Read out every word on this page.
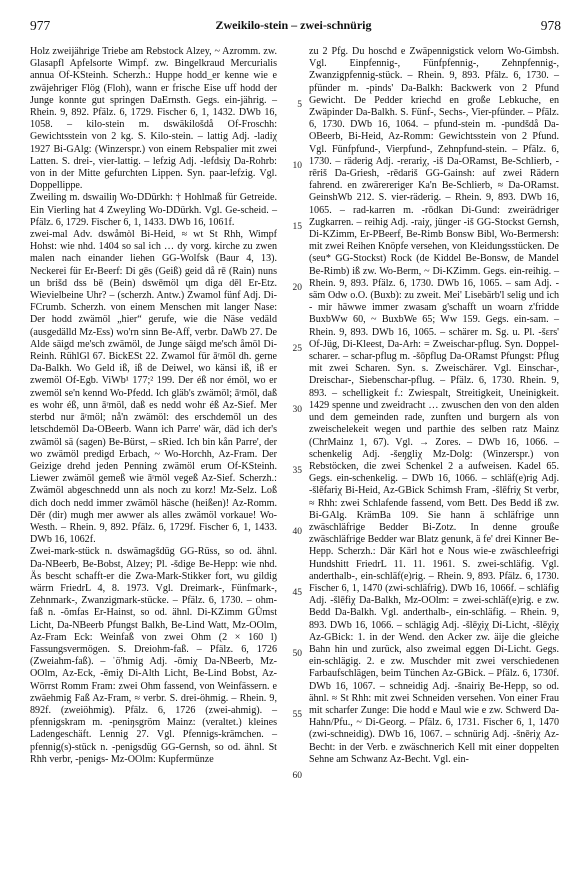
977	Zweikilo-stein – zwei-schnürig	978

Holz zweijährige Triebe am Rebstock Alzey, ~ Azromm. zw. Glasapfl Apfelsorte Wimpf. zw. Bingelkraud Mercurialis annua Of-KSteinh. Scherzh.: Huppe hodd_er kenne wie e zwäjehriger Flög (Floh), wann er frische Eise uff hodd der Junge konnte gut springen DaErnsth. Gegs. ein-jährig. – Rhein. 9, 892. Pfälz. 6, 1729. Fischer 6, 1, 1432. DWb 16, 1058. – kilo-stein m. dswäkilošdå Of-Froschh: Gewichtsstein von 2 kg. S. Kilo-stein. – lattig Adj. -ladiχ 1927 Bi-GAlg: (Winzerspr.) von einem Rebspalier mit zwei Latten. S. drei-, vier-lattig. – lefzig Adj. -lefdsiχ Da-Rohrb: von in der Mitte gefurchten Lippen. Syn. paar-lefzig. Vgl. Doppellippe.

Zweiling m. dswailiŋ Wo-DDürkh: † Hohlmaß für Getreide. Ein Vierling hat 4 Zweyling Wo-DDürkh. Vgl. Ge-scheid. – Pfälz. 6, 1729. Fischer 6, 1, 1433. DWb 16, 1061f.

zwei-mal Adv. dswåmòl Bi-Heid, ≈ wt St Rhh, Wimpf Hohst: wie nhd. 1404 so sal ich … dy vorg. kirche zu zwen malen nach einander liehen GG-Wolfsk (Baur 4, 13). Neckerei für Er-Beerf: Di gēs (Geiß) geid då rē (Rain) nuns un brišd dss bē (Bein) dswēmöl ųm diga dēl Er-Etz. Wievielbeine Uhr? – (scherzh. Antw.) Zwamol fünf Adj. Di-FCrumb. Scherzh. von einem Menschen mit langer Nase: Der hodd zwämöl „hier“ gerufe, wie die Näse vedäld (ausgedälld Mz-Ess) wo'rn sinn Be-Aff, verbr. DaWb 27. De Alde säigd me'sch zwämöl, de Junge säigd me'sch åmöl Di-Reinh. RühlGl 67. BickESt 22. Zwamol für āʳmöl dh. gerne Da-Balkh. Wo Geld iß, iß de Deiwel, wo känsi iß, iß er zwemöl Of-Egb. ViWb¹ 177;² 199. Der éß nor émöl, wo er zwemöl se'n kennd Wo-Pfedd. Ich gläb's zwämöl; āʳmöl, daß es wohr éß, unn āʳmöl, daß es nedd wohr éß Az-Sief. Mer sterbd nur āʳmöl; nå'n zwämöl: des erschdemöl un des letschdemöl Da-OBeerb. Wann ich Parre' wär, däd ich der's zwämöl sä (sagen) Be-Bürst, – sRied. Ich bin kån Parre', der wo zwämöl predigd Erbach, ~ Wo-Horchh, Az-Fram. Der Geizige drehd jeden Penning zwämöl erum Of-KSteinh. Liewer zwämöl gemeß wie āʳmöl vegeß Az-Sief. Scherzh.: Zwämöl abgeschnedd unn als noch zu korz! Mz-Selz. Loß dich doch nedd immer zwämöl häsche (heißen)! Az-Romm. Dēr (dir) mugh mer awwer als alles zwämöl vorkaue! Wo-Westh. – Rhein. 9, 892. Pfälz. 6, 1729f. Fischer 6, 1, 1433. DWb 16, 1062f.

Zwei-mark-stück n. dswämagšdüg GG-Rüss, so od. ähnl. Da-NBeerb, Be-Bobst, Alzey; Pl. -šdige Be-Hepp: wie nhd. Äs bescht schafft-er die Zwa-Mark-Stikker fort, wu gildig wärrn FriedrL 4, 8. 1973. Vgl. Dreimark-, Fünfmark-, Zehnmark-, Zwanzigmark-stücke. – Pfälz. 6, 1730. – ohm-faß n. -õmfas Er-Hainst, so od. ähnl. Di-KZimm GÜmst Licht, Da-NBeerb Pfungst Balkh, Be-Lind Watt, Mz-OOlm, Az-Fram Eck: Weinfaß von zwei Ohm (2 × 160 l) Fassungsvermögen. S. Dreiohm-faß. – Pfälz. 6, 1726 (Zweiahm-faß). – ˈö'hmig Adj. -õmiχ Da-NBeerb, Mz-OOlm, Az-Eck, -ēmiχ Di-Alth Licht, Be-Lind Bobst, Az-Wörrst Romm Fram: zwei Ohm fassend, von Weinfässern. e zwäehmig Faß Az-Fram, ≈ verbr. S. drei-öhmig. – Rhein. 9, 892f. (zweiöhmig). Pfälz. 6, 1726 (zwei-ahmig). – pfennigskram m. -peniŋsgröm Mainz: (veraltet.) kleines Ladengeschäft. Lennig 27. Vgl. Pfennigs-krämchen. – pfennig(s)-stück n. -penigsdüg GG-Gernsh, so od. ähnl. St Rhh verbr, -penigs- Mz-OOlm: Kupfermünze

5
10
15
20
25
30
35
40
45
50
55
60

zu 2 Pfg. Du hoschd e Zwäpennigstick velorn Wo-Gimbsh. Vgl. Einpfennig-, Fünfpfennig-, Zehnpfennig-, Zwanzigpfennig-stück. – Rhein. 9, 893. Pfälz. 6, 1730. – pfünder m. -pinds' Da-Balkh: Backwerk von 2 Pfund Gewicht. De Pedder kriechd en große Lebkuche, en Zwäpinder Da-Balkh. S. Fünf-, Sechs-, Vier-pfünder. – Pfälz. 6, 1730. DWb 16, 1064. – pfund-stein m. -pundšdå Da-OBeerb, Bi-Heid, Az-Romm: Gewichtsstein von 2 Pfund. Vgl. Fünfpfund-, Vierpfund-, Zehnpfund-stein. – Pfälz. 6, 1730. – räderig Adj. -rerariχ, -iš Da-ORamst, Be-Schlierb, -rēriš Da-Griesh, -rēdariš GG-Gainsh: auf zwei Rädern fahrend. en zwärereriger Ka'n Be-Schlierb, ≈ Da-ORamst. GeinshWb 212. S. vier-räderig. – Rhein. 9, 893. DWb 16, 1065. – rad-karren m. -rōdkan Di-Gund: zweirädriger Zugkarren. – reihig Adj. -raiχ, jünger -iš GG-Stockst Gernsh, Di-KZimm, Er-PBeerf, Be-Rimb Bonsw Bibl, Wo-Bermersh: mit zwei Reihen Knöpfe versehen, von Kleidungsstücken. De (seu* GG-Stockst) Rock (de Kiddel Be-Bonsw, de Mandel Be-Rimb) iß zw. Wo-Berm, ~ Di-KZimm. Gegs. ein-reihig. – Rhein. 9, 893. Pfälz. 6, 1730. DWb 16, 1065. – sam Adj. -säm Odw o.O. (Buxb): zu zweit. Mei' Lisebärb'l selig und ich - mir häwwe immer zwasam g'schafft un woarn z'fridde BuxbWw 60, ~ BuxbWe 65; Ww 159. Gegs. ein-sam. – Rhein. 9, 893. DWb 16, 1065. – schärer m. Sg. u. Pl. -šɛrs' Of-Jüg, Di-Kleest, Da-Arh: = Zweischar-pflug. Syn. Doppel-scharer. – schar-pflug m. -šōpflug Da-ORamst Pfungst: Pflug mit zwei Scharen. Syn. s. Zweischärer. Vgl. Einschar-, Dreischar-, Siebenschar-pflug. – Pfälz. 6, 1730. Rhein. 9, 893. – schelligkeit f.: Zwiespalt, Streitigkeit, Uneinigkeit. 1429 spenne und zweidracht … zwuschen den von den alden und dem gemeinden rade, zunften und burgern als von zweischelekeit wegen und parthie des selben ratz Mainz (ChrMainz 1, 67). Vgl. → Zores. – DWb 16, 1066. – schenkelig Adj. -šeŋgliχ Mz-Dolg: (Winzerspr.) von Rebstöcken, die zwei Schenkel 2 a aufweisen. Kadel 65. Gegs. ein-schenkelig. – DWb 16, 1066. – schläf(e)rig Adj. -šlēfariχ Bi-Heid, Az-GBick Schimsh Fram, -šlēfriχ St verbr, ≈ Rhh: zwei Schlafende fassend, vom Bett. Des Bedd iß zw. Bi-GAlg. KrämBa 109. Sie hann ä schläfrige unn zwäschläfrige Bedder Bi-Zotz. In denne grouße zwäschläfrige Bedder war Blatz genunk, ä fe' drei Kinner Be-Hepp. Scherzh.: Där Kärl hot e Nous wie-e zwäschleefrigi Hundshitt FriedrL 11. 11. 1961. S. zwei-schläfig. Vgl. anderthalb-, ein-schläf(e)rig. – Rhein. 9, 893. Pfälz. 6, 1730. Fischer 6, 1, 1470 (zwi-schläfrig). DWb 16, 1066f. – schläfig Adj. -šlēfiχ Da-Balkh, Mz-OOlm: = zwei-schläf(e)rig. e zw. Bedd Da-Balkh. Vgl. anderthalb-, ein-schläfig. – Rhein. 9, 893. DWb 16, 1066. – schlägig Adj. -šlēχiχ Di-Licht, -šlēχiχ Az-GBick: 1. in der Wend. den Acker zw. äije die gleiche Bahn hin und zurück, also zweimal eggen Di-Licht. Gegs. ein-schlägig. 2. e zw. Muschder mit zwei verschiedenen Farbaufschlägen, beim Tünchen Az-GBick. – Pfälz. 6, 1730f. DWb 16, 1067. – schneidig Adj. -šnairiχ Be-Hepp, so od. ähnl. ≈ St Rhh: mit zwei Schneiden versehen. Von einer Frau mit scharfer Zunge: Die hodd e Maul wie e zw. Schwerd Da-Hahn/Pfu., ~ Di-Georg. – Pfälz. 6, 1731. Fischer 6, 1, 1470 (zwi-schneidig). DWb 16, 1067. – schnürig Adj. -šnēriχ Az-Becht: in der Verb. e zwäschnerich Kell mit einer doppelten Sehne am Schwanz Az-Becht. Vgl. ein-
